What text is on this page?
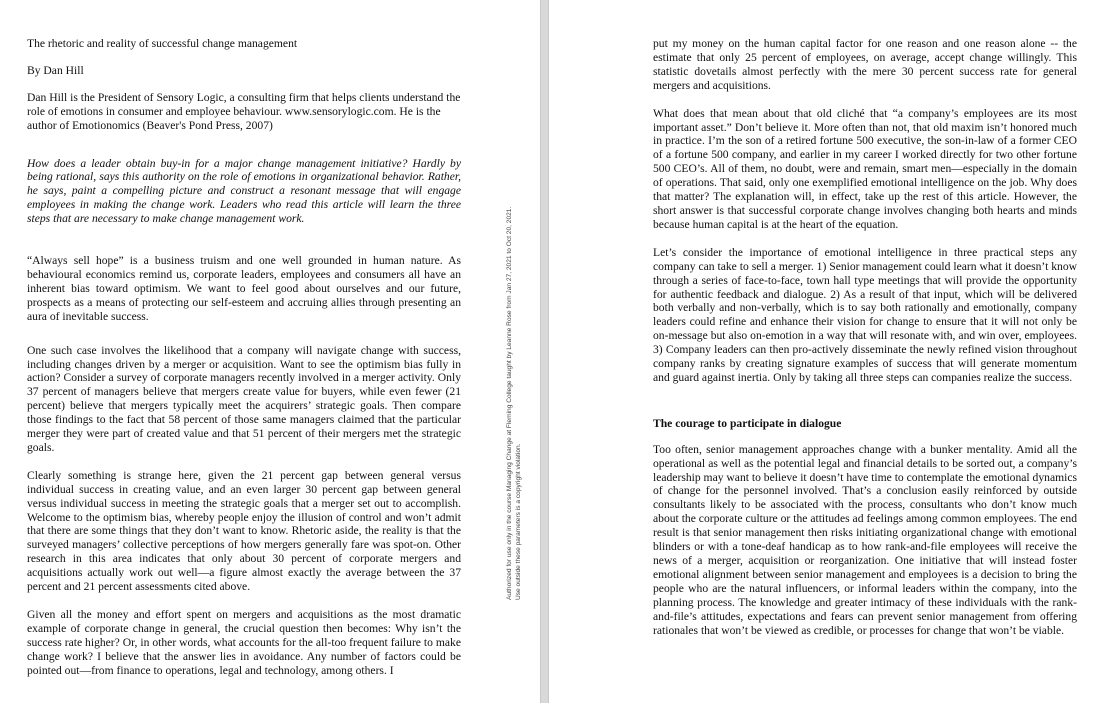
The rhetoric and reality of successful change management

By Dan Hill

Dan Hill is the President of Sensory Logic, a consulting firm that helps clients understand the role of emotions in consumer and employee behaviour. www.sensorylogic.com. He is the author of Emotionomics (Beaver's Pond Press, 2007)

How does a leader obtain buy-in for a major change management initiative? Hardly by being rational, says this authority on the role of emotions in organizational behavior. Rather, he says, paint a compelling picture and construct a resonant message that will engage employees in making the change work. Leaders who read this article will learn the three steps that are necessary to make change management work.

“Always sell hope” is a business truism and one well grounded in human nature. As behavioural economics remind us, corporate leaders, employees and consumers all have an inherent bias toward optimism. We want to feel good about ourselves and our future, prospects as a means of protecting our self-esteem and accruing allies through presenting an aura of inevitable success.

One such case involves the likelihood that a company will navigate change with success, including changes driven by a merger or acquisition. Want to see the optimism bias fully in action? Consider a survey of corporate managers recently involved in a merger activity. Only 37 percent of managers believe that mergers create value for buyers, while even fewer (21 percent) believe that mergers typically meet the acquirers’ strategic goals. Then compare those findings to the fact that 58 percent of those same managers claimed that the particular merger they were part of created value and that 51 percent of their mergers met the strategic goals.

Clearly something is strange here, given the 21 percent gap between general versus individual success in creating value, and an even larger 30 percent gap between general versus individual success in meeting the strategic goals that a merger set out to accomplish. Welcome to the optimism bias, whereby people enjoy the illusion of control and won’t admit that there are some things that they don’t want to know. Rhetoric aside, the reality is that the surveyed managers’ collective perceptions of how mergers generally fare was spot-on. Other research in this area indicates that only about 30 percent of corporate mergers and acquisitions actually work out well—a figure almost exactly the average between the 37 percent and 21 percent assessments cited above.

Given all the money and effort spent on mergers and acquisitions as the most dramatic example of corporate change in general, the crucial question then becomes: Why isn’t the success rate higher? Or, in other words, what accounts for the all-too frequent failure to make change work? I believe that the answer lies in avoidance. Any number of factors could be pointed out—from finance to operations, legal and technology, among others. I

Authorized for use only in the course Managing Change at Fleming College taught by Leanne Rose from Jan 27, 2021 to Oct 20, 2021. Use outside these parameters is a copyright violation.

put my money on the human capital factor for one reason and one reason alone -- the estimate that only 25 percent of employees, on average, accept change willingly. This statistic dovetails almost perfectly with the mere 30 percent success rate for general mergers and acquisitions.

What does that mean about that old cliché that “a company’s employees are its most important asset.” Don’t believe it. More often than not, that old maxim isn’t honored much in practice. I’m the son of a retired fortune 500 executive, the son-in-law of a former CEO of a fortune 500 company, and earlier in my career I worked directly for two other fortune 500 CEO’s. All of them, no doubt, were and remain, smart men—especially in the domain of operations. That said, only one exemplified emotional intelligence on the job. Why does that matter? The explanation will, in effect, take up the rest of this article. However, the short answer is that successful corporate change involves changing both hearts and minds because human capital is at the heart of the equation.

Let’s consider the importance of emotional intelligence in three practical steps any company can take to sell a merger. 1) Senior management could learn what it doesn’t know through a series of face-to-face, town hall type meetings that will provide the opportunity for authentic feedback and dialogue. 2) As a result of that input, which will be delivered both verbally and non-verbally, which is to say both rationally and emotionally, company leaders could refine and enhance their vision for change to ensure that it will not only be on-message but also on-emotion in a way that will resonate with, and win over, employees. 3) Company leaders can then pro-actively disseminate the newly refined vision throughout company ranks by creating signature examples of success that will generate momentum and guard against inertia. Only by taking all three steps can companies realize the success.

The courage to participate in dialogue

Too often, senior management approaches change with a bunker mentality. Amid all the operational as well as the potential legal and financial details to be sorted out, a company’s leadership may want to believe it doesn’t have time to contemplate the emotional dynamics of change for the personnel involved. That’s a conclusion easily reinforced by outside consultants likely to be associated with the process, consultants who don’t know much about the corporate culture or the attitudes ad feelings among common employees. The end result is that senior management then risks initiating organizational change with emotional blinders or with a tone-deaf handicap as to how rank-and-file employees will receive the news of a merger, acquisition or reorganization. One initiative that will instead foster emotional alignment between senior management and employees is a decision to bring the people who are the natural influencers, or informal leaders within the company, into the planning process. The knowledge and greater intimacy of these individuals with the rank-and-file’s attitudes, expectations and fears can prevent senior management from offering rationales that won’t be viewed as credible, or processes for change that won’t be viable.
